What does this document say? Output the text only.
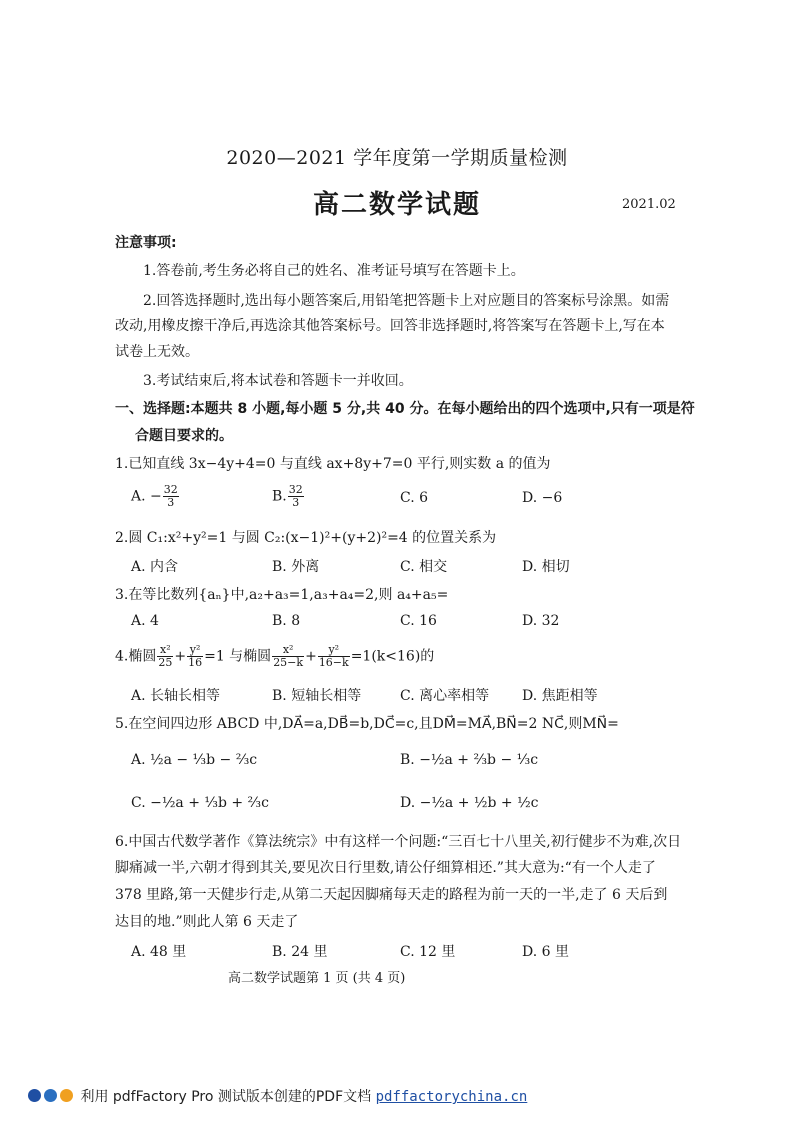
2020—2021 学年度第一学期质量检测
高二数学试题	2021.02
注意事项:
1.答卷前,考生务必将自己的姓名、准考证号填写在答题卡上。
2.回答选择题时,选出每小题答案后,用铅笔把答题卡上对应题目的答案标号涂黑。如需
改动,用橡皮擦干净后,再选涂其他答案标号。回答非选择题时,将答案写在答题卡上,写在本
试卷上无效。
3.考试结束后,将本试卷和答题卡一并收回。
一、选择题:本题共 8 小题,每小题 5 分,共 40 分。在每小题给出的四个选项中,只有一项是符
合题目要求的。
1.已知直线 3x−4y+4=0 与直线 ax+8y+7=0 平行,则实数 a 的值为
A. − $\frac{32}{3}$	B. $\frac{32}{3}$	C. 6	D. −6
2.圆 C₁:x²+y²=1 与圆 C₂:(x−1)²+(y+2)²=4 的位置关系为
A. 内含	B. 外离	C. 相交	D. 相切
3.在等比数列{aₙ}中,a₂+a₃=1,a₃+a₄=2,则 a₄+a₅=
A. 4	B. 8	C. 16	D. 32
4.椭圆 $\frac{\text{x²}}{25} + \frac{\text{y²}}{16} =1$ 与椭圆 $\frac{\text{x²}}{25-k} + \frac{\text{y²}}{16-k} =1(k<16)$的
A. 长轴长相等	B. 短轴长相等	C. 离心率相等 D. 焦距相等
5.在空间四边形 ABCD 中,DA⃗=a,DB⃗=b,DC⃗=c,且DM⃗=MA⃗,BN⃗=2 NC⃗,则MN⃗=
A. ½a − ⅓b − ⅔c	B. −½a + ⅔b − ⅓c
C. −½a + ⅓b + ⅔c	D. −½a + ½b + ½c
6.中国古代数学著作《算法统宗》中有这样一个问题:“三百七十八里关,初行健步不为难,次日
脚痛减一半,六朝才得到其关,要见次日行里数,请公仔细算相还.”其大意为:“有一个人走了
378 里路,第一天健步行走,从第二天起因脚痛每天走的路程为前一天的一半,走了 6 天后到
达目的地.”则此人第 6 天走了
A. 48 里	B. 24 里	C. 12 里	D. 6 里
高二数学试题第 1 页 (共 4 页)
利用 pdfFactory Pro 测试版本创建的PDF文档 pdffactorychina.cn
